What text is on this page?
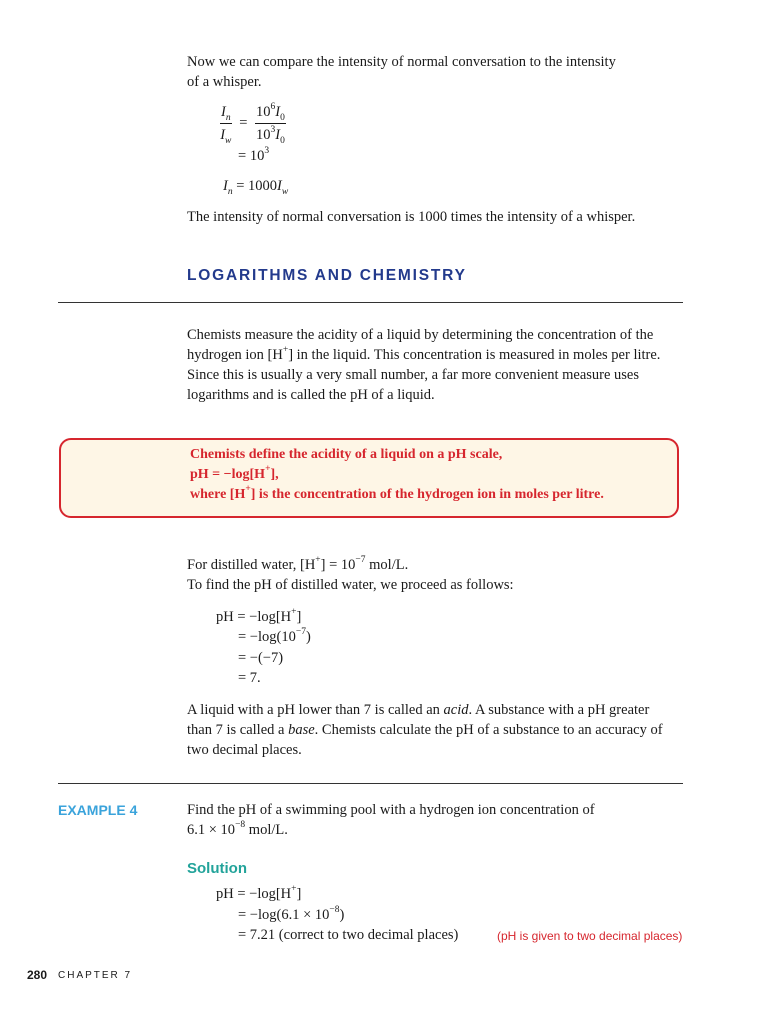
Now we can compare the intensity of normal conversation to the intensity
of a whisper.
$\frac{I_n}{I_w} = \frac{10^6I_0}{10^3I_0}$
= $10^3$
$I_n = 1000I_w$
The intensity of normal conversation is 1000 times the intensity of a whisper.
LOGARITHMS AND CHEMISTRY
Chemists measure the acidity of a liquid by determining the concentration of the
hydrogen ion [H+] in the liquid. This concentration is measured in moles per litre.
Since this is usually a very small number, a far more convenient measure uses
logarithms and is called the pH of a liquid.
Chemists define the acidity of a liquid on a pH scale,
pH = −log[H+],
where [H+] is the concentration of the hydrogen ion in moles per litre.
For distilled water, $[H^+] = 10^{-7}$ mol/L.
To find the pH of distilled water, we proceed as follows:
pH = −log[H+]
= $-\log(10^{-7})$
= −(−7)
= 7.
A liquid with a pH lower than 7 is called an acid. A substance with a pH greater
than 7 is called a base. Chemists calculate the pH of a substance to an accuracy of
two decimal places.
EXAMPLE 4	Find the pH of a swimming pool with a hydrogen ion concentration of
$6.1 \times 10^{-8}$ mol/L.
Solution
pH = −log[H+]
= $-\log(6.1 \times 10^{-8})$
= 7.21 (correct to two decimal places)	(pH is given to two decimal places)
280 CHAPTER 7
